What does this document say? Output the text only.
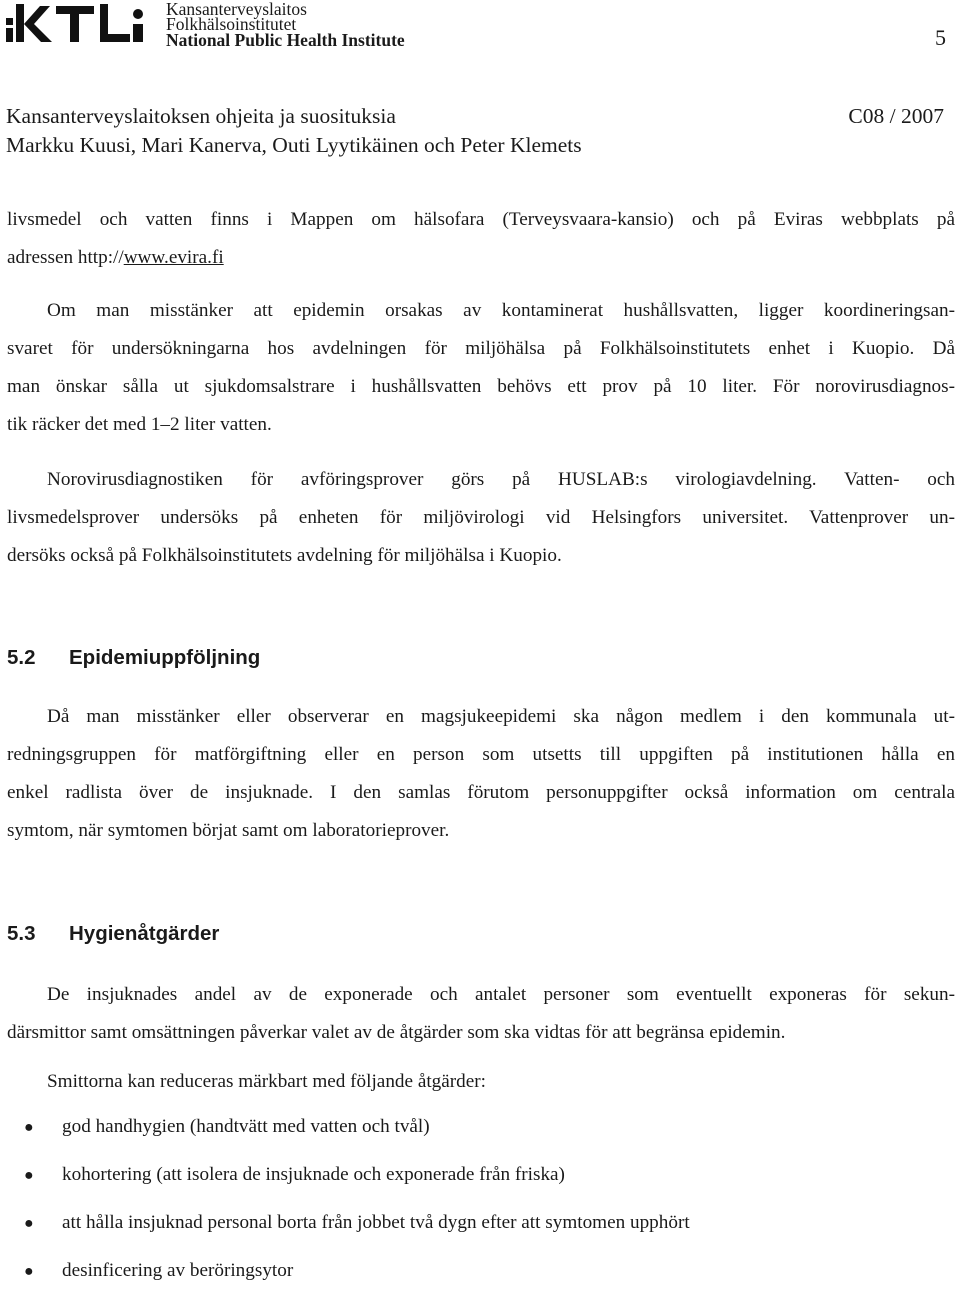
Kansanterveyslaitos
Folkhälsoinstitutet
National Public Health Institute	5
Kansanterveyslaitoksen ohjeita ja suosituksia	C08 / 2007
Markku Kuusi, Mari Kanerva, Outi Lyytikäinen och Peter Klemets

livsmedel och vatten finns i Mappen om hälsofara (Terveysvaara-kansio) och på Eviras webbplats på

adressen http://www.evira.fi

Om man misstänker att epidemin orsakas av kontaminerat hushållsvatten, ligger koordineringsan-

svaret för undersökningarna hos avdelningen för miljöhälsa på Folkhälsoinstitutets enhet i Kuopio. Då

man önskar sålla ut sjukdomsalstrare i hushållsvatten behövs ett prov på 10 liter. För norovirusdiagnos-

tik räcker det med 1–2 liter vatten.

Norovirusdiagnostiken för avföringsprover görs på HUSLAB:s virologiavdelning. Vatten- och

livsmedelsprover undersöks på enheten för miljövirologi vid Helsingfors universitet. Vattenprover un-

dersöks också på Folkhälsoinstitutets avdelning för miljöhälsa i Kuopio.

5.2 Epidemiuppföljning

Då man misstänker eller observerar en magsjukeepidemi ska någon medlem i den kommunala ut-

redningsgruppen för matförgiftning eller en person som utsetts till uppgiften på institutionen hålla en

enkel radlista över de insjuknade. I den samlas förutom personuppgifter också information om centrala

symtom, när symtomen börjat samt om laboratorieprover.

5.3 Hygienåtgärder

De insjuknades andel av de exponerade och antalet personer som eventuellt exponeras för sekun-

därsmittor samt omsättningen påverkar valet av de åtgärder som ska vidtas för att begränsa epidemin.

Smittorna kan reduceras märkbart med följande åtgärder:

●	god handhygien (handtvätt med vatten och tvål)
●	kohortering (att isolera de insjuknade och exponerade från friska)
●	att hålla insjuknad personal borta från jobbet två dygn efter att symtomen upphört
●	desinficering av beröringsytor
